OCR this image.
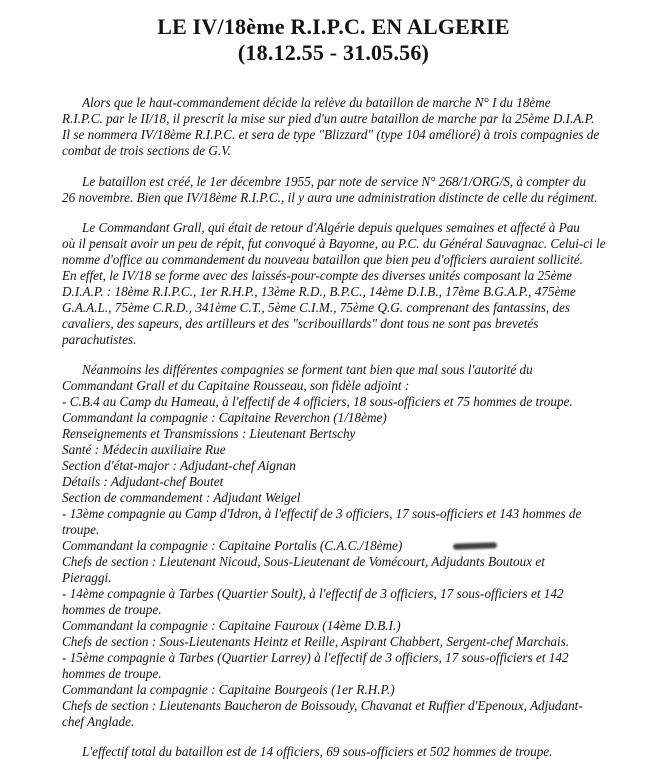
LE IV/18ème R.I.P.C. EN ALGERIE
(18.12.55 - 31.05.56)
Alors que le haut-commandement décide la relève du bataillon de marche N° I du 18ème
R.I.P.C. par le II/18, il prescrit la mise sur pied d'un autre bataillon de marche par la 25ème D.I.A.P.
Il se nommera IV/18ème R.I.P.C. et sera de type "Blizzard" (type 104 amélioré) à trois compagnies de
combat de trois sections de G.V.
Le bataillon est créé, le 1er décembre 1955, par note de service N° 268/1/ORG/S, à compter du
26 novembre. Bien que IV/18ème R.I.P.C., il y aura une administration distincte de celle du régiment.
Le Commandant Grall, qui était de retour d'Algérie depuis quelques semaines et affecté à Pau
où il pensait avoir un peu de répit, fut convoqué à Bayonne, au P.C. du Général Sauvagnac. Celui-ci le
nomme d'office au commandement du nouveau bataillon que bien peu d'officiers auraient sollicité.
En effet, le IV/18 se forme avec des laissés-pour-compte des diverses unités composant la 25ème
D.I.A.P. : 18ème R.I.P.C., 1er R.H.P., 13ème R.D., B.P.C., 14ème D.I.B., 17ème B.G.A.P., 475ème
G.A.A.L., 75ème C.R.D., 341ème C.T., 5ème C.I.M., 75ème Q.G. comprenant des fantassins, des
cavaliers, des sapeurs, des artilleurs et des "scribouillards" dont tous ne sont pas brevetés
parachutistes.
Néanmoins les différentes compagnies se forment tant bien que mal sous l'autorité du
Commandant Grall et du Capitaine Rousseau, son fidèle adjoint :
- C.B.4 au Camp du Hameau, à l'effectif de 4 officiers, 18 sous-officiers et 75 hommes de troupe.
Commandant la compagnie : Capitaine Reverchon (1/18ème)
Renseignements et Transmissions : Lieutenant Bertschy
Santé : Médecin auxiliaire Rue
Section d'état-major : Adjudant-chef Aignan
Détails : Adjudant-chef Boutet
Section de commandement : Adjudant Weigel
- 13ème compagnie au Camp d'Idron, à l'effectif de 3 officiers, 17 sous-officiers et 143 hommes de
troupe.
Commandant la compagnie : Capitaine Portalis (C.A.C./18ème)
Chefs de section : Lieutenant Nicoud, Sous-Lieutenant de Vomécourt, Adjudants Boutoux et
Pieraggi.
- 14ème compagnie à Tarbes (Quartier Soult), à l'effectif de 3 officiers, 17 sous-officiers et 142
hommes de troupe.
Commandant la compagnie : Capitaine Fauroux (14ème D.B.I.)
Chefs de section : Sous-Lieutenants Heintz et Reille, Aspirant Chabbert, Sergent-chef Marchais.
- 15ème compagnie à Tarbes (Quartier Larrey) à l'effectif de 3 officiers, 17 sous-officiers et 142
hommes de troupe.
Commandant la compagnie : Capitaine Bourgeois (1er R.H.P.)
Chefs de section : Lieutenants Baucheron de Boissoudy, Chavanat et Ruffier d'Epenoux, Adjudant-
chef Anglade.
L'effectif total du bataillon est de 14 officiers, 69 sous-officiers et 502 hommes de troupe.
